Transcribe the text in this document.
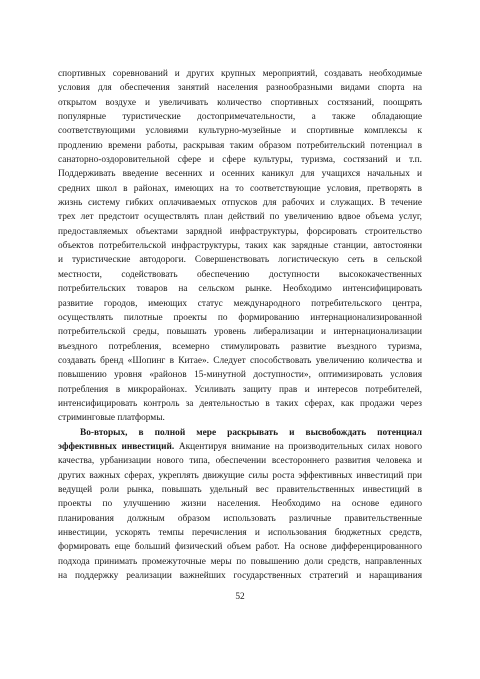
спортивных соревнований и других крупных мероприятий, создавать необходимые
условия для обеспечения занятий населения разнообразными видами спорта на
открытом воздухе и увеличивать количество спортивных состязаний, поощрять
популярные туристические достопримечательности, а также обладающие
соответствующими условиями культурно-музейные и спортивные комплексы к
продлению времени работы, раскрывая таким образом потребительский потенциал в
санаторно-оздоровительной сфере и сфере культуры, туризма, состязаний и т.п.
Поддерживать введение весенних и осенних каникул для учащихся начальных и
средних школ в районах, имеющих на то соответствующие условия, претворять в
жизнь систему гибких оплачиваемых отпусков для рабочих и служащих. В течение
трех лет предстоит осуществлять план действий по увеличению вдвое объема услуг,
предоставляемых объектами зарядной инфраструктуры, форсировать строительство
объектов потребительской инфраструктуры, таких как зарядные станции, автостоянки
и туристические автодороги. Совершенствовать логистическую сеть в сельской
местности, содействовать обеспечению доступности высококачественных
потребительских товаров на сельском рынке. Необходимо интенсифицировать
развитие городов, имеющих статус международного потребительского центра,
осуществлять пилотные проекты по формированию интернационализированной
потребительской среды, повышать уровень либерализации и интернационализации
въездного потребления, всемерно стимулировать развитие въездного туризма,
создавать бренд «Шопинг в Китае». Следует способствовать увеличению количества и
повышению уровня «районов 15-минутной доступности», оптимизировать условия
потребления в микрорайонах. Усиливать защиту прав и интересов потребителей,
интенсифицировать контроль за деятельностью в таких сферах, как продажи через
стриминговые платформы.
Во-вторых, в полной мере раскрывать и высвобождать потенциал
эффективных инвестиций. Акцентируя внимание на производительных силах нового
качества, урбанизации нового типа, обеспечении всестороннего развития человека и
других важных сферах, укреплять движущие силы роста эффективных инвестиций при
ведущей роли рынка, повышать удельный вес правительственных инвестиций в
проекты по улучшению жизни населения. Необходимо на основе единого
планирования должным образом использовать различные правительственные
инвестиции, ускорять темпы перечисления и использования бюджетных средств,
формировать еще больший физический объем работ. На основе дифференцированного
подхода принимать промежуточные меры по повышению доли средств, направленных
на поддержку реализации важнейших государственных стратегий и наращивания
52
